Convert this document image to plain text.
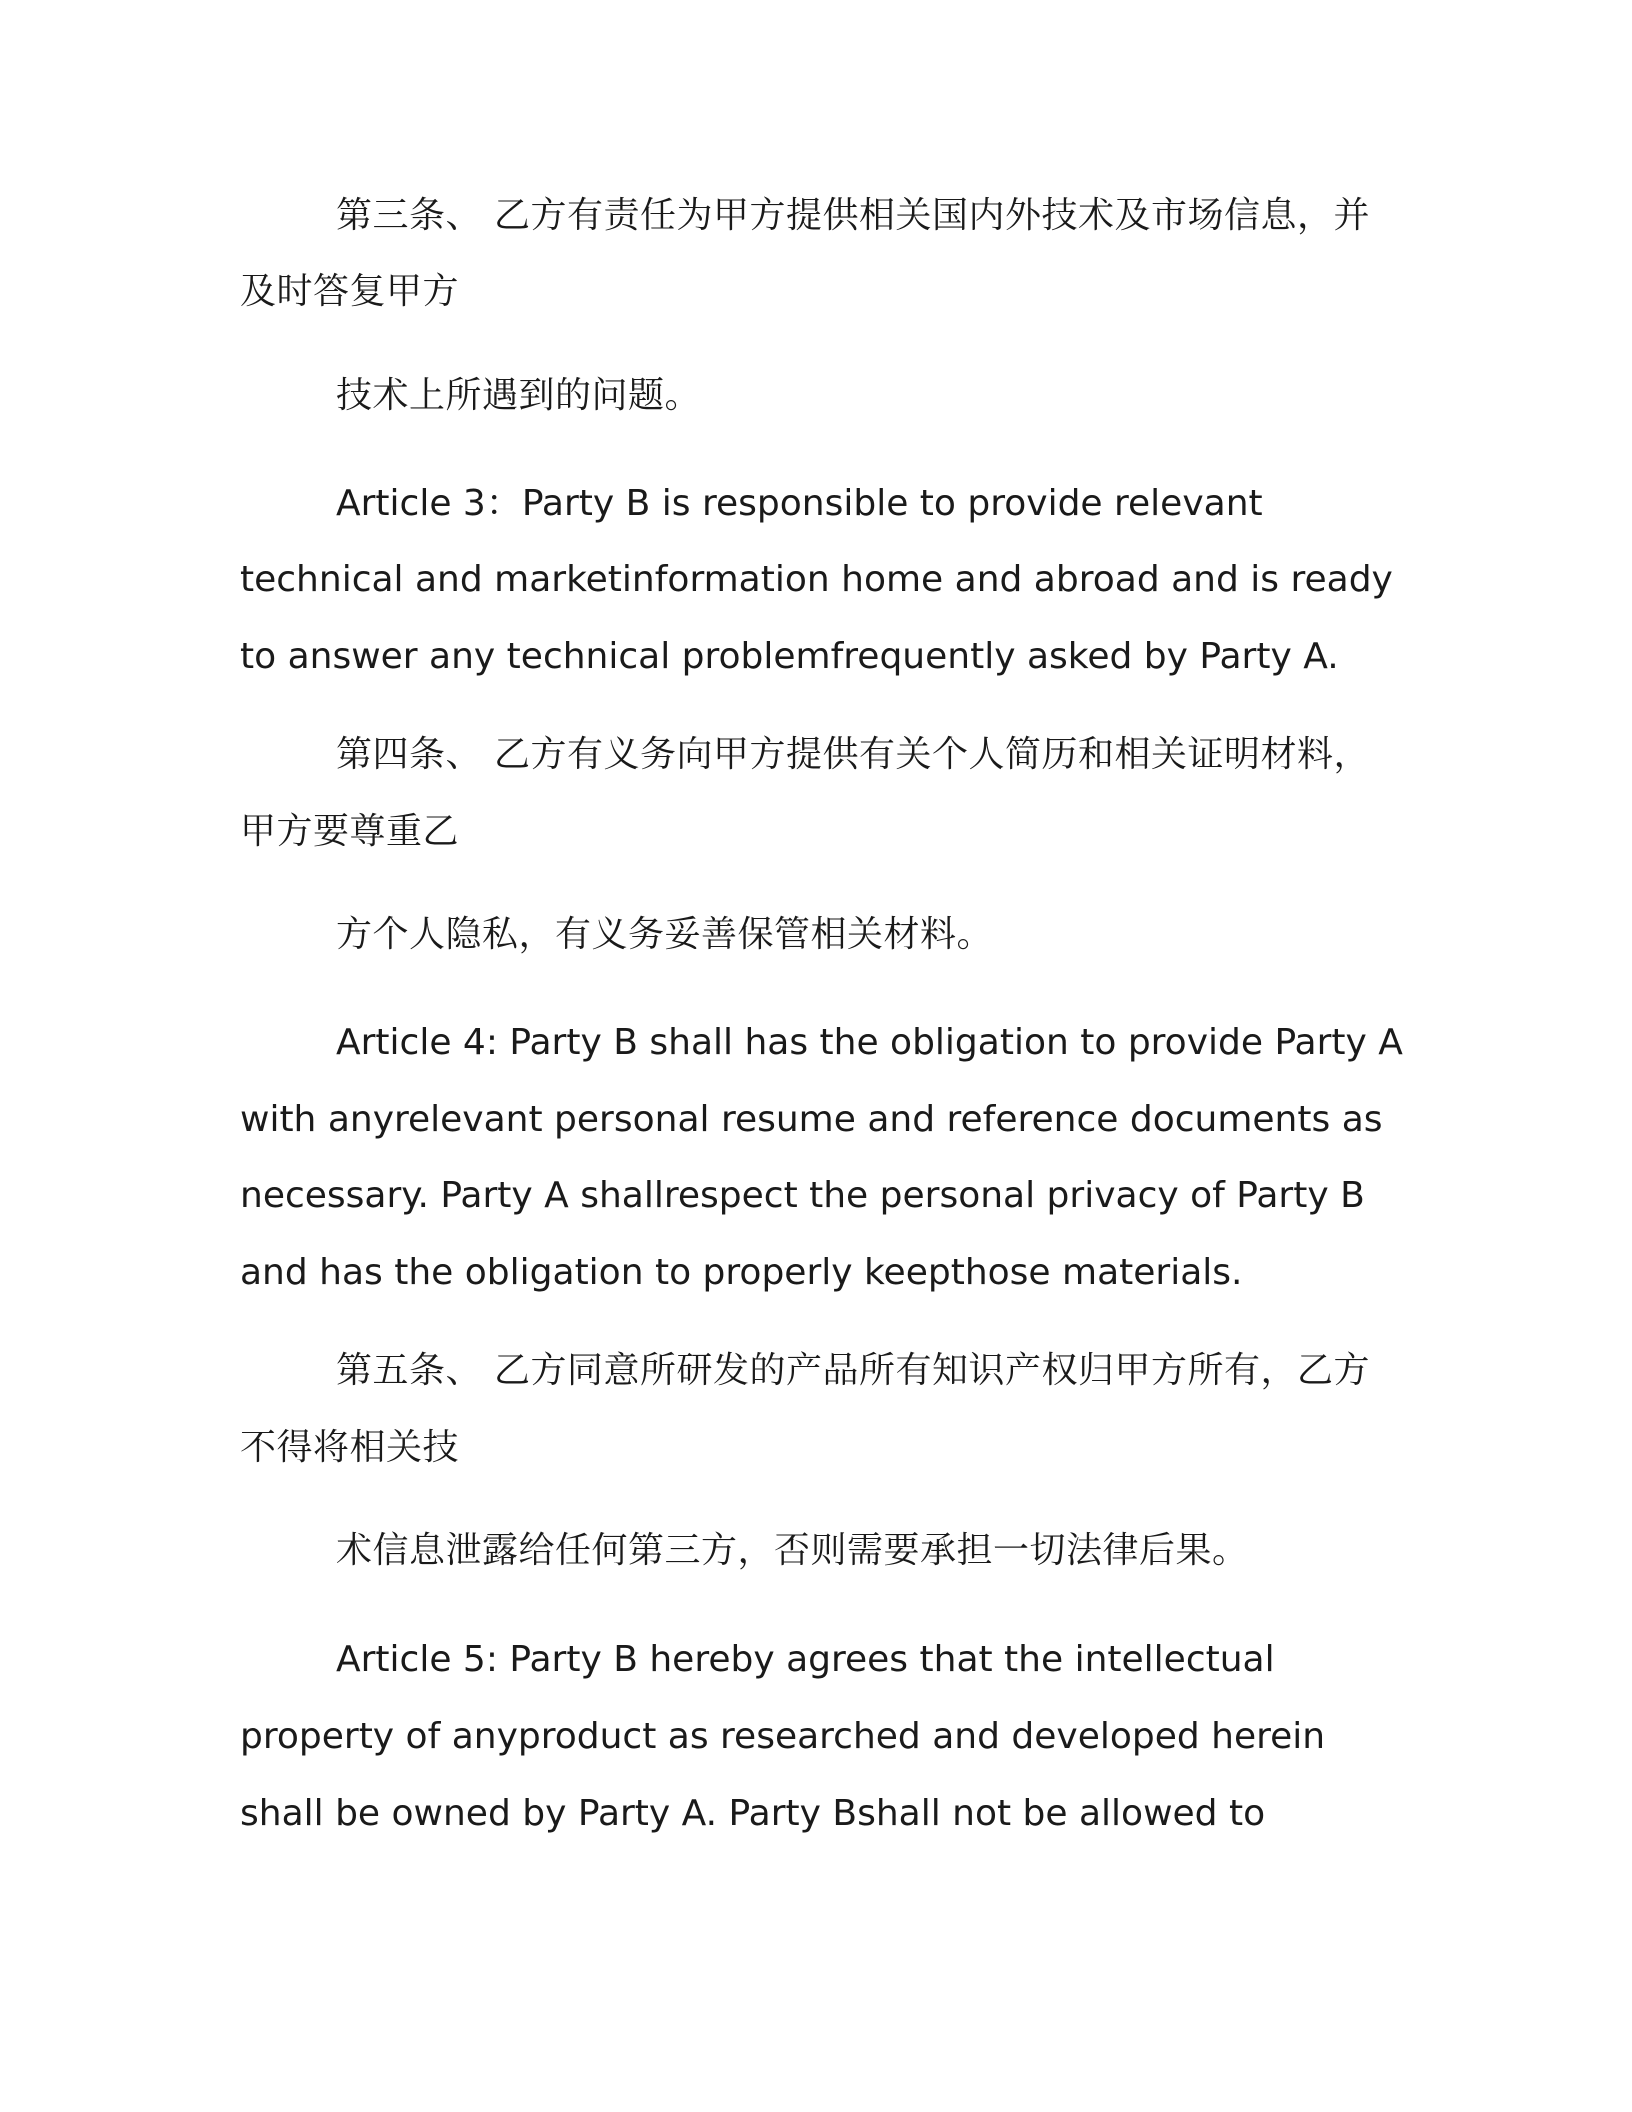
第三条、 乙方有责任为甲方提供相关国内外技术及市场信息，并
及时答复甲方
技术上所遇到的问题。
Article 3：Party B is responsible to provide relevant
technical and marketinformation home and abroad and is ready
to answer any technical problemfrequently asked by Party A.
第四条、 乙方有义务向甲方提供有关个人简历和相关证明材料，
甲方要尊重乙
方个人隐私，有义务妥善保管相关材料。
Article 4: Party B shall has the obligation to provide Party A
with anyrelevant personal resume and reference documents as
necessary. Party A shallrespect the personal privacy of Party B
and has the obligation to properly keepthose materials.
第五条、 乙方同意所研发的产品所有知识产权归甲方所有，乙方
不得将相关技
术信息泄露给任何第三方，否则需要承担一切法律后果。
Article 5: Party B hereby agrees that the intellectual
property of anyproduct as researched and developed herein
shall be owned by Party A. Party Bshall not be allowed to
